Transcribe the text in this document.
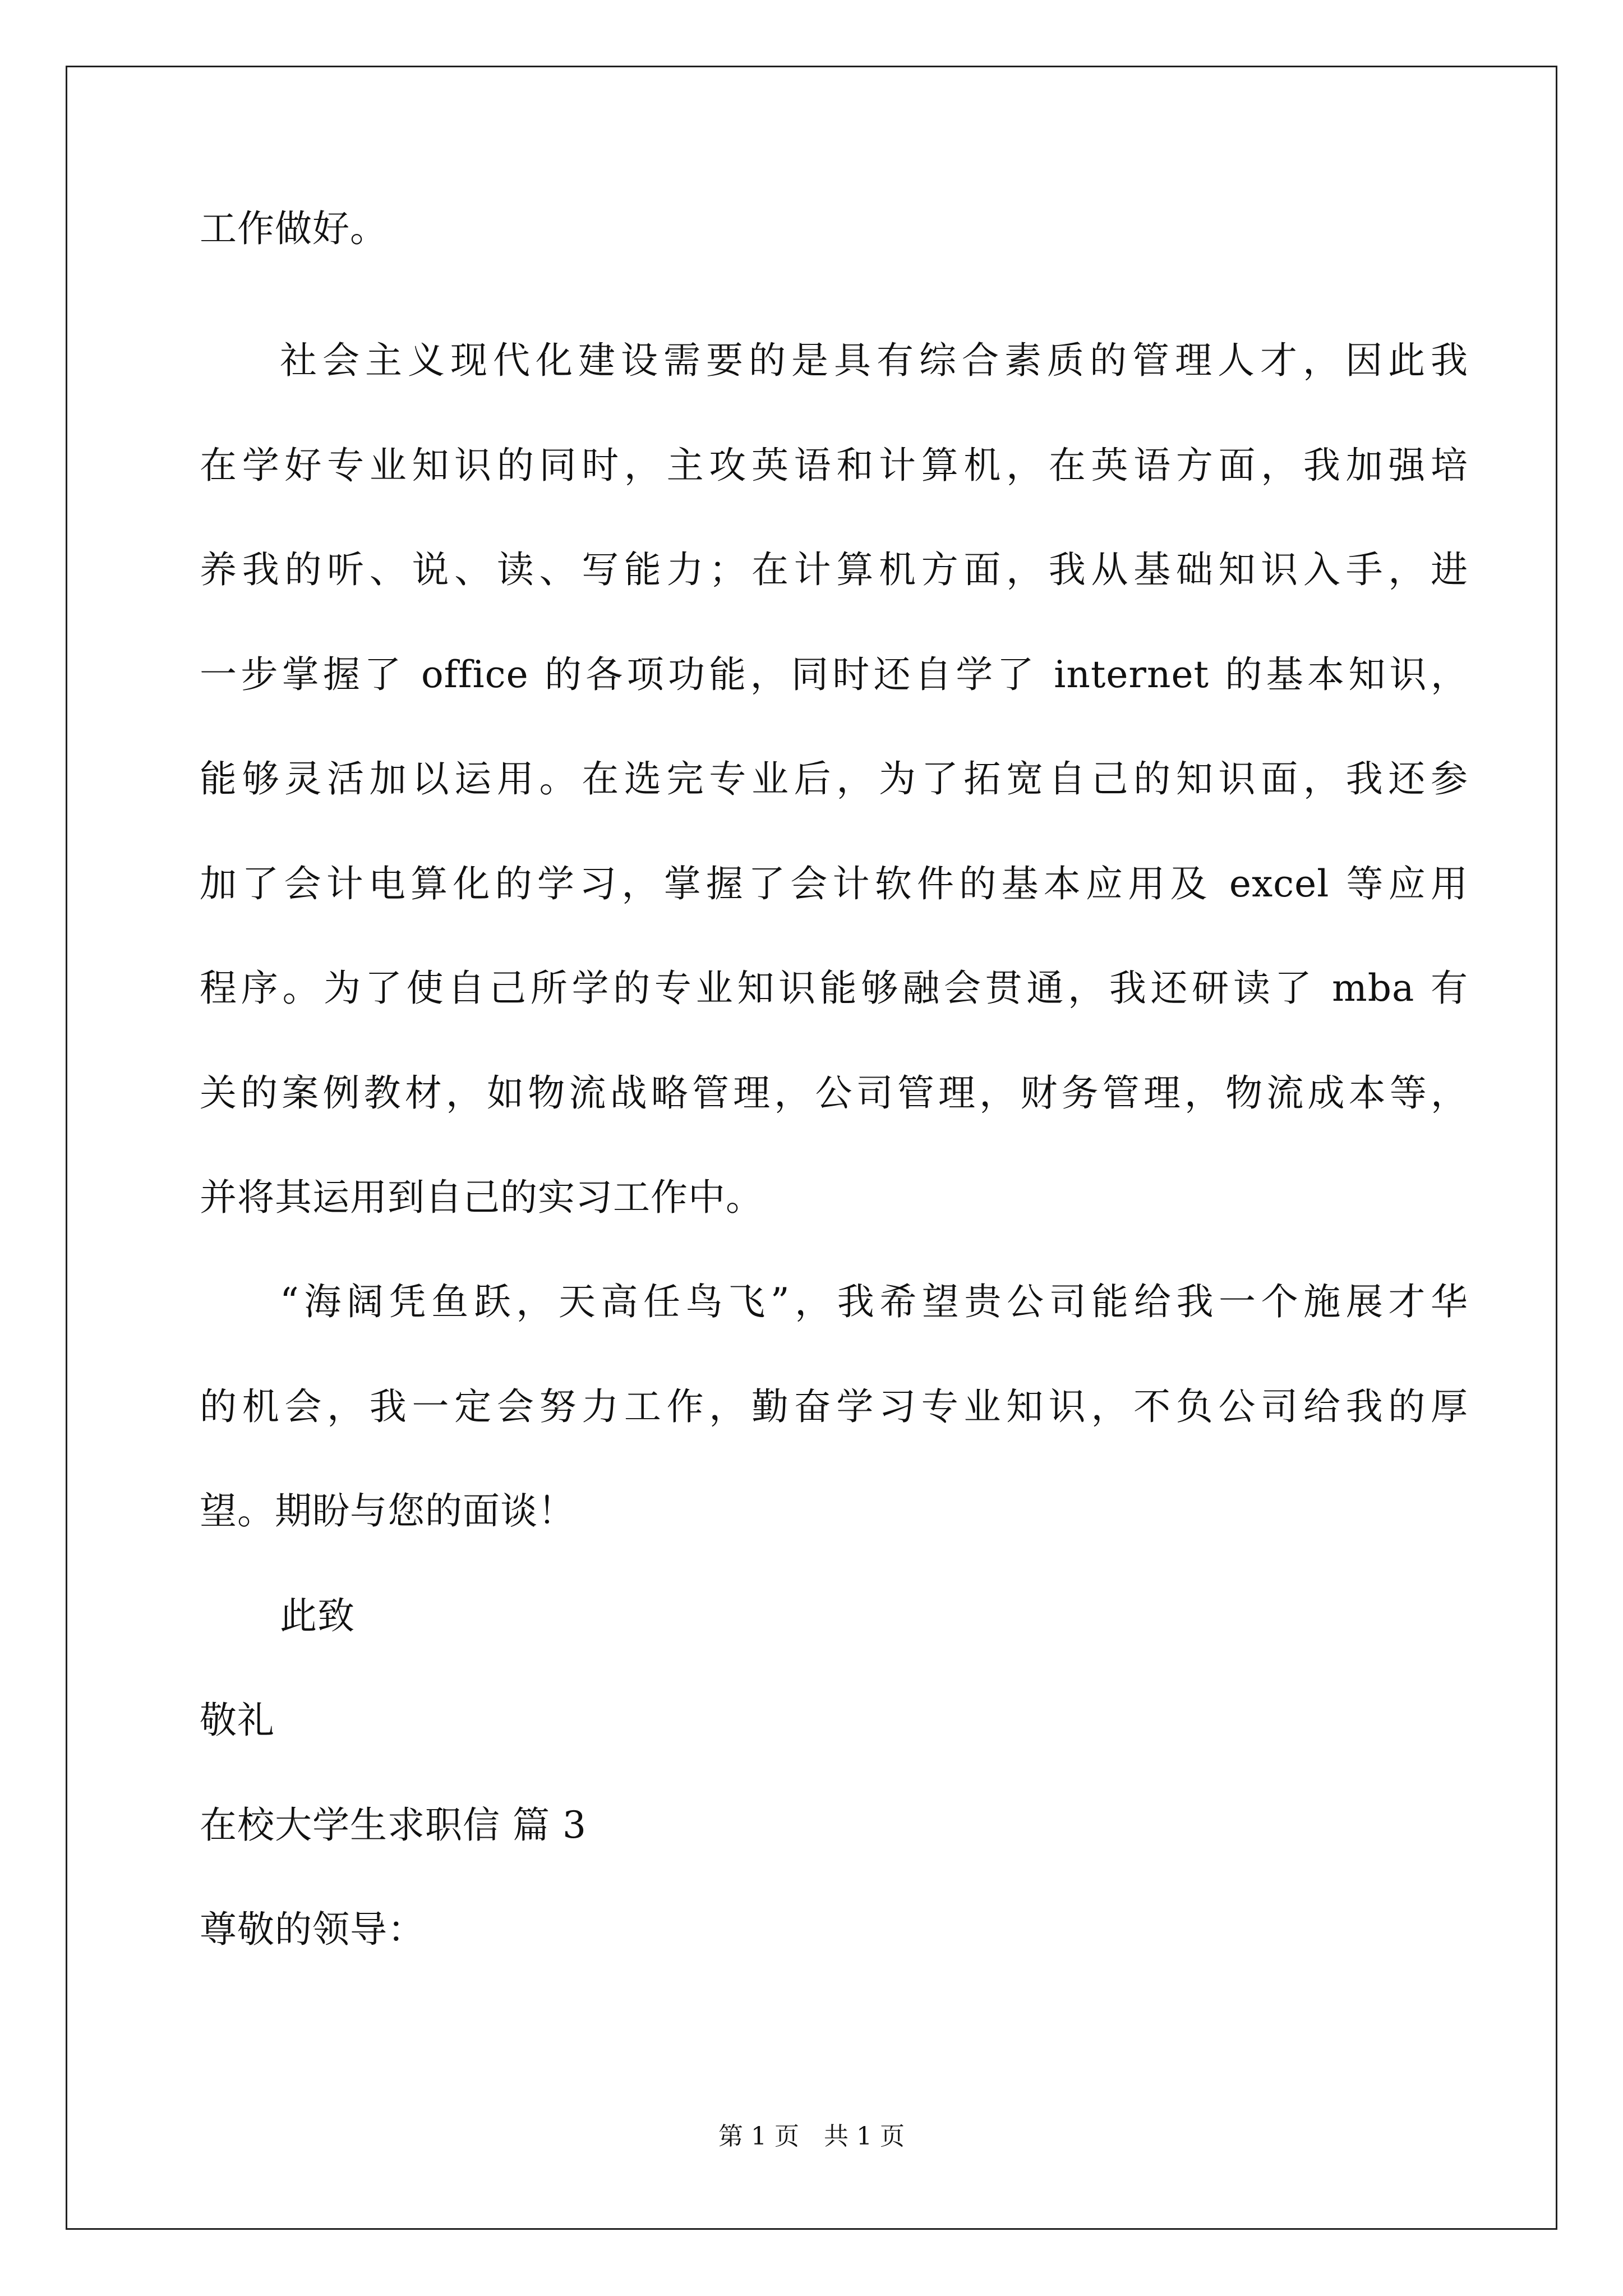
工作做好。
社会主义现代化建设需要的是具有综合素质的管理人才，因此我
在学好专业知识的同时，主攻英语和计算机，在英语方面，我加强培
养我的听、说、读、写能力；在计算机方面，我从基础知识入手，进
一步掌握了 office 的各项功能，同时还自学了 internet 的基本知识，
能够灵活加以运用。在选完专业后，为了拓宽自己的知识面，我还参
加了会计电算化的学习，掌握了会计软件的基本应用及 excel 等应用
程序。为了使自己所学的专业知识能够融会贯通，我还研读了 mba 有
关的案例教材，如物流战略管理，公司管理，财务管理，物流成本等，
并将其运用到自己的实习工作中。
“海阔凭鱼跃，天高任鸟飞”，我希望贵公司能给我一个施展才华
的机会，我一定会努力工作，勤奋学习专业知识，不负公司给我的厚
望。期盼与您的面谈！
此致
敬礼
在校大学生求职信 篇 3
尊敬的领导：
第 1 页　共 1 页
